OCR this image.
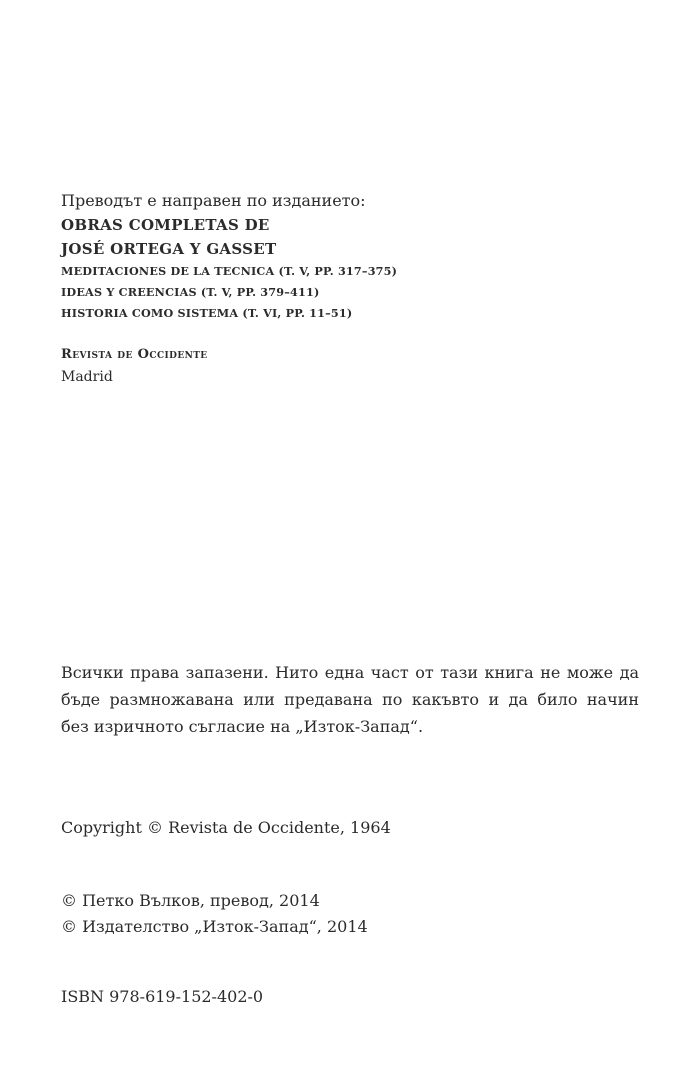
Преводът е направен по изданието:
OBRAS COMPLETAS DE
JOSÉ ORTEGA Y GASSET
MEDITACIONES DE LA TECNICA (T. V, PP. 317–375)
IDEAS Y CREENCIAS (T. V, PP. 379–411)
HISTORIA COMO SISTEMA (T. VI, PP. 11–51)
Revista de Occidente
Madrid
Всички права запазени. Нито една част от тази книга не може да
бъде размножавана или предавана по какъвто и да било начин
без изричното съгласие на „Изток-Запад“.
Copyright © Revista de Occidente, 1964
© Петко Вълков, превод, 2014
© Издателство „Изток-Запад“, 2014
ISBN 978-619-152-402-0
